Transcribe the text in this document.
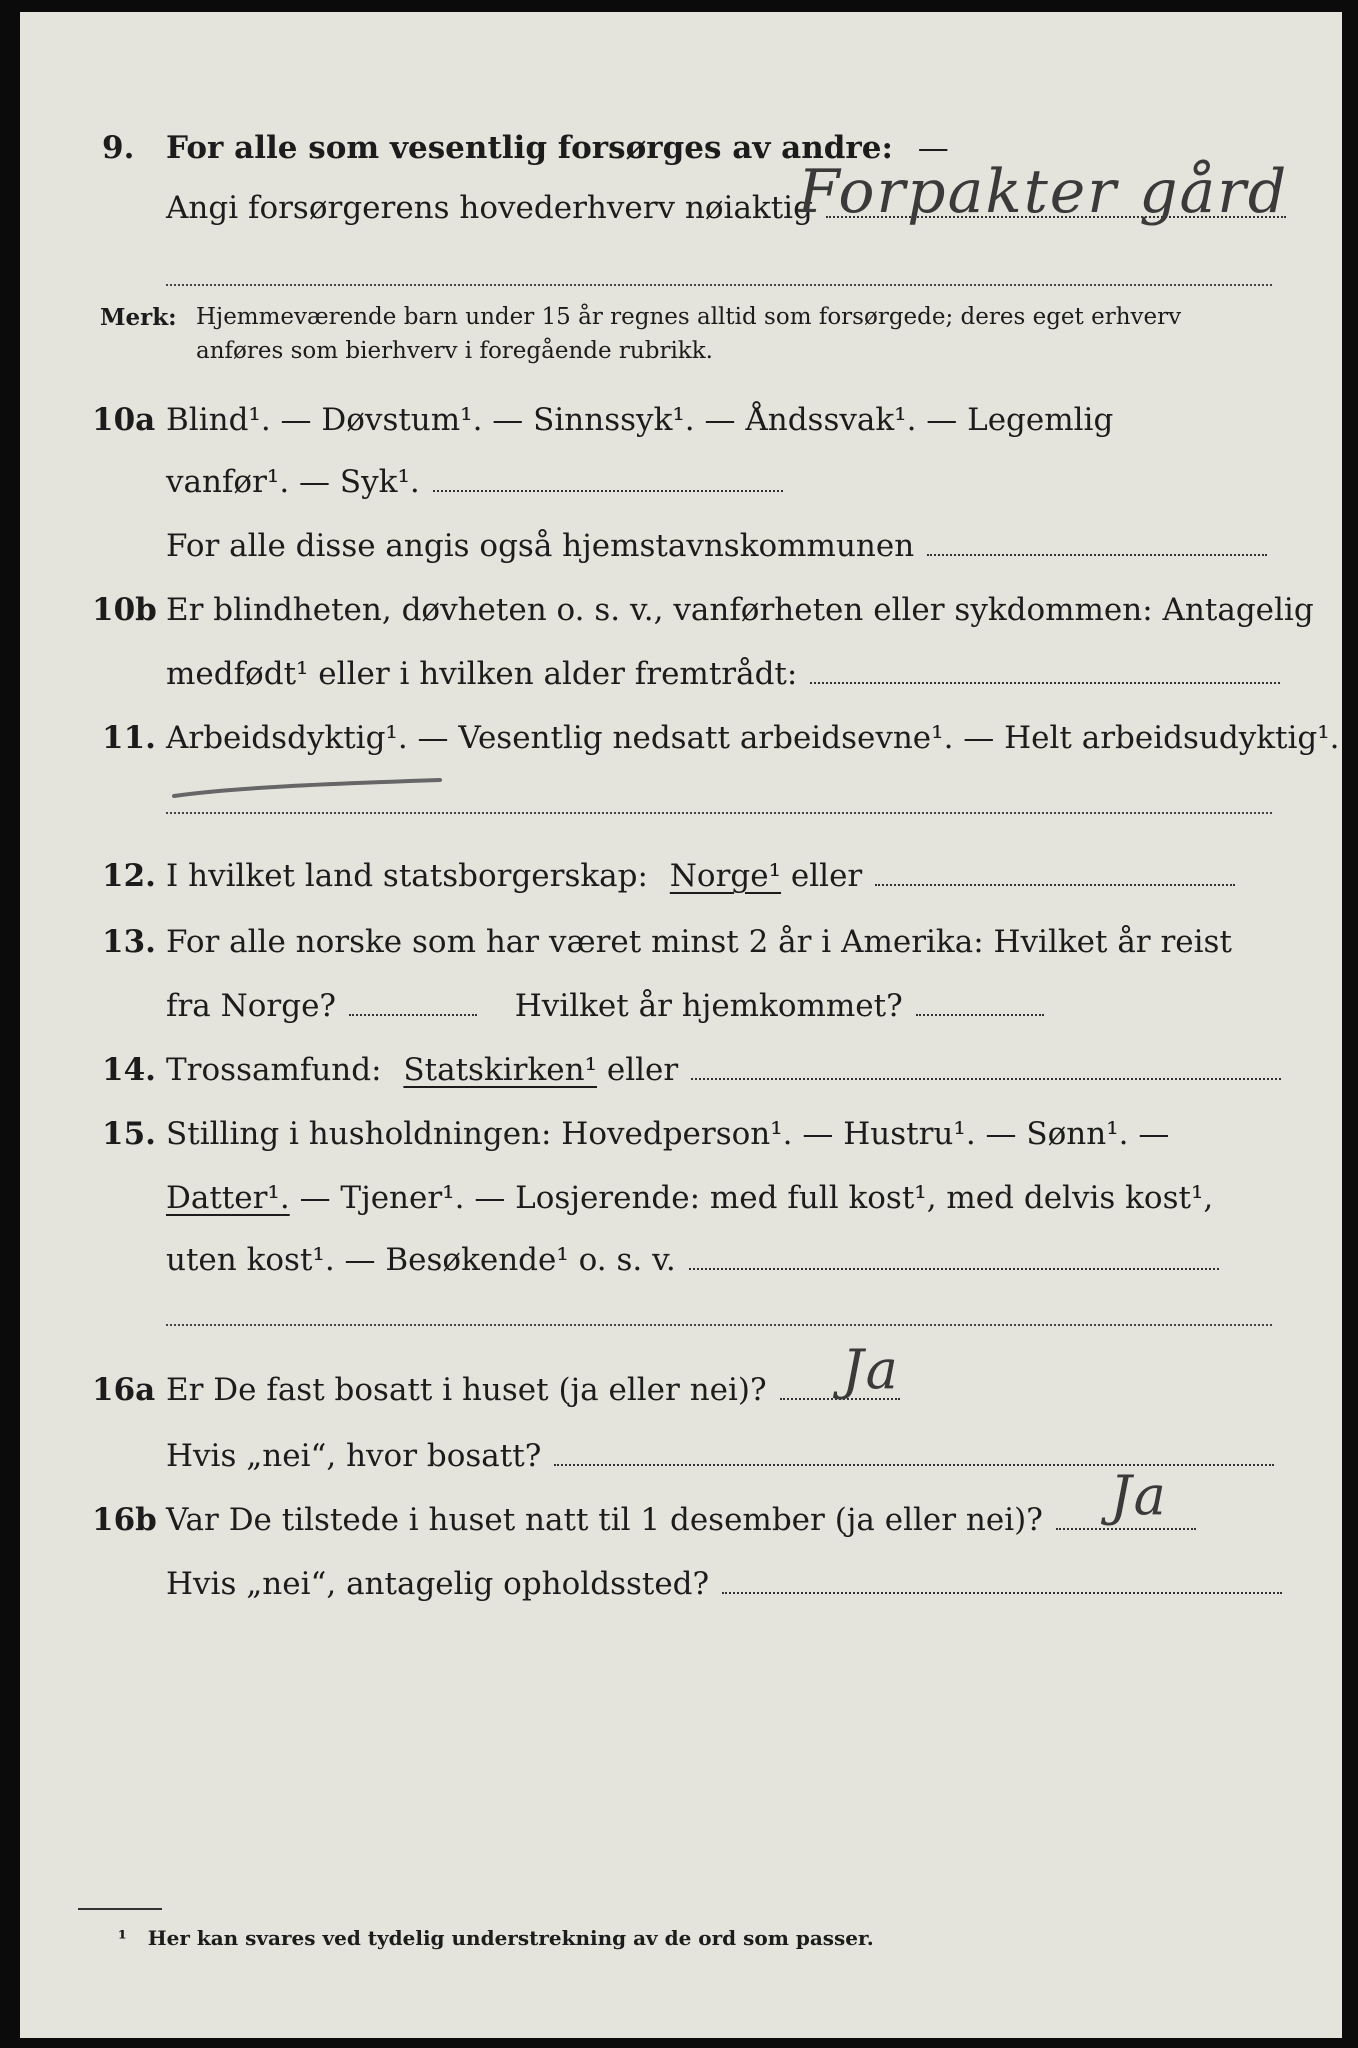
9. For alle som vesentlig forsørges av andre: —
Angi forsørgerens hovederhverv nøiaktig
Forpakter gård
Merk: Hjemmeværende barn under 15 år regnes alltid som forsørgede; deres eget erhverv
anføres som bierhverv i foregående rubrikk.
10a Blind¹. — Døvstum¹. — Sinnssyk¹. — Åndssvak¹. — Legemlig
vanfør¹. — Syk¹.
For alle disse angis også hjemstavnskommunen
10b Er blindheten, døvheten o. s. v., vanførheten eller sykdommen: Antagelig
medfødt¹ eller i hvilken alder fremtrådt:
11. Arbeidsdyktig¹. — Vesentlig nedsatt arbeidsevne¹. — Helt arbeidsudyktig¹.
12. I hvilket land statsborgerskap: Norge¹ eller
13. For alle norske som har været minst 2 år i Amerika: Hvilket år reist
fra Norge?	Hvilket år hjemkommet?
14. Trossamfund: Statskirken¹ eller
15. Stilling i husholdningen: Hovedperson¹. — Hustru¹. — Sønn¹. —
Datter¹. — Tjener¹. — Losjerende: med full kost¹, med delvis kost¹,
uten kost¹. — Besøkende¹ o. s. v.
16a Er De fast bosatt i huset (ja eller nei)?	Ja
Hvis „nei“, hvor bosatt?
16b Var De tilstede i huset natt til 1 desember (ja eller nei)?	Ja
Hvis „nei“, antagelig opholdssted?
¹ Her kan svares ved tydelig understrekning av de ord som passer.
